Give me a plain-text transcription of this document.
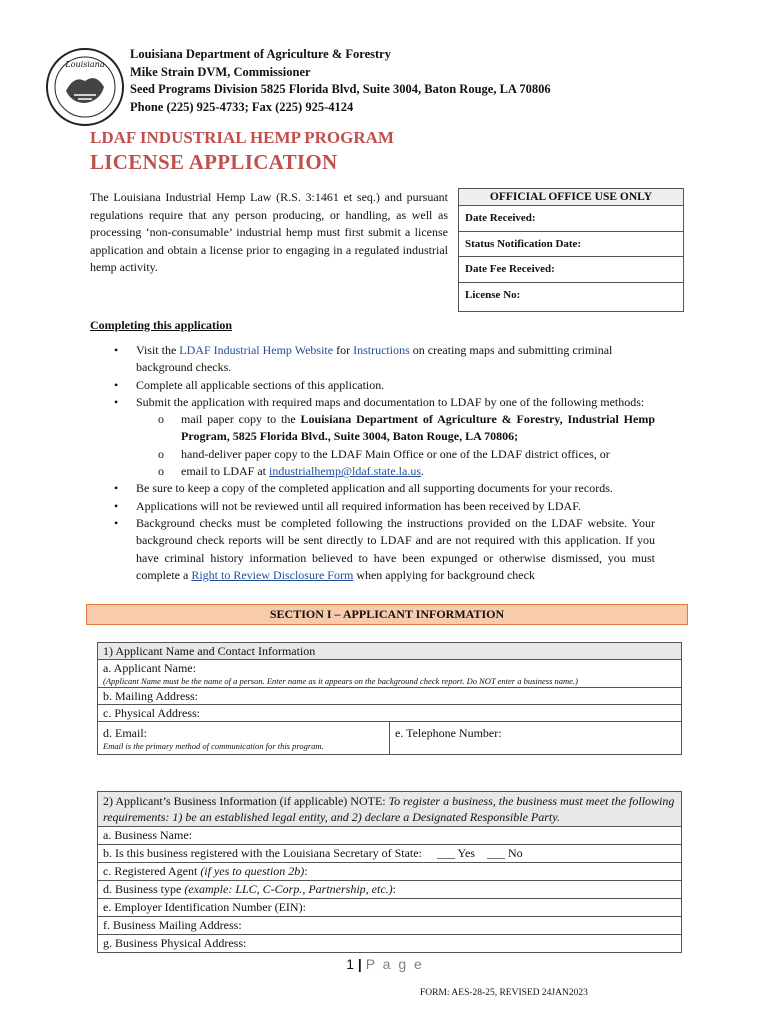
Louisiana
Louisiana Department of Agriculture & Forestry
Mike Strain DVM, Commissioner
Seed Programs Division 5825 Florida Blvd, Suite 3004, Baton Rouge, LA 70806
Phone (225) 925-4733; Fax (225) 925-4124
LDAF INDUSTRIAL HEMP PROGRAM
LICENSE APPLICATION
The Louisiana Industrial Hemp Law (R.S. 3:1461 et seq.) and pursuant regulations require that any person producing, or handling, as well as processing ‘non-consumable’ industrial hemp must first submit a license application and obtain a license prior to engaging in a regulated industrial hemp activity.
OFFICIAL OFFICE USE ONLY
Date Received:
Status Notification Date:
Date Fee Received:
License No:
Completing this application
• Visit the LDAF Industrial Hemp Website for Instructions on creating maps and submitting criminal background checks.
• Complete all applicable sections of this application.
• Submit the application with required maps and documentation to LDAF by one of the following methods:
o mail paper copy to the Louisiana Department of Agriculture & Forestry, Industrial Hemp Program, 5825 Florida Blvd., Suite 3004, Baton Rouge, LA 70806;
o hand-deliver paper copy to the LDAF Main Office or one of the LDAF district offices, or
o email to LDAF at industrialhemp@ldaf.state.la.us.
• Be sure to keep a copy of the completed application and all supporting documents for your records.
• Applications will not be reviewed until all required information has been received by LDAF.
• Background checks must be completed following the instructions provided on the LDAF website. Your background check reports will be sent directly to LDAF and are not required with this application. If you have criminal history information believed to have been expunged or otherwise dismissed, you must complete a Right to Review Disclosure Form when applying for background check
SECTION I – APPLICANT INFORMATION
1) Applicant Name and Contact Information
a. Applicant Name:
(Applicant Name must be the name of a person. Enter name as it appears on the background check report. Do NOT enter a business name.)
b. Mailing Address:
c. Physical Address:
d. Email:
Email is the primary method of communication for this program.
e. Telephone Number:
2) Applicant’s Business Information (if applicable) NOTE: To register a business, the business must meet the following requirements: 1) be an established legal entity, and 2) declare a Designated Responsible Party.
a. Business Name:
b. Is this business registered with the Louisiana Secretary of State: ___ Yes ___ No
c. Registered Agent (if yes to question 2b):
d. Business type (example: LLC, C-Corp., Partnership, etc.):
e. Employer Identification Number (EIN):
f. Business Mailing Address:
g. Business Physical Address:
1 | P a g e
FORM: AES-28-25, REVISED 24JAN2023
